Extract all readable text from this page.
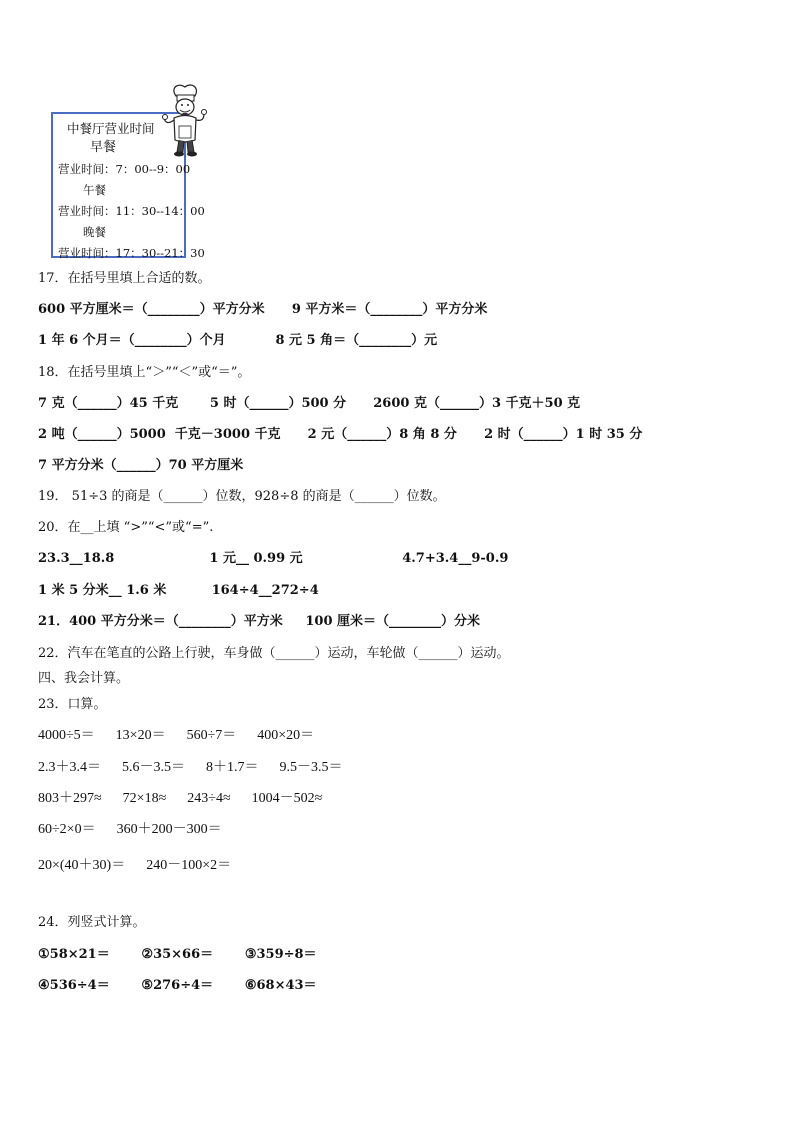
中餐厅营业时间
早餐
营业时间：7：00--9：00
午餐
营业时间：11：30--14：00
晚餐
营业时间：17：30--21：30
17．在括号里填上合适的数。
600 平方厘米＝（________）平方分米      9 平方米＝（________）平方分米
1 年 6 个月＝（________）个月           8 元 5 角＝（________）元
18．在括号里填上“＞”“＜”或“＝”。
7 克（______）45 千克       5 时（______）500 分      2600 克（______）3 千克＋50 克
2 吨（______）5000  千克－3000 千克      2 元（______）8 角 8 分      2 时（______）1 时 35 分
7 平方分米（______）70 平方厘米
19． 51÷3 的商是（______）位数，928÷8 的商是（______）位数。
20．在__上填 “>”“<”或“=”.
23.3__18.8                     1 元__ 0.99 元                      4.7+3.4__9-0.9
1 米 5 分米__ 1.6 米          164÷4__272÷4
21．400 平方分米＝（________）平方米     100 厘米＝（________）分米
22．汽车在笔直的公路上行驶，车身做（______）运动，车轮做（______）运动。
四、我会计算。
23．口算。
4000÷5＝      13×20＝      560÷7＝      400×20＝
2.3＋3.4＝      5.6－3.5＝      8＋1.7＝      9.5－3.5＝
803＋297≈      72×18≈      243÷4≈      1004－502≈
60÷2×0＝      360＋200－300＝
20×(40＋30)＝      240－100×2＝
24．列竖式计算。
①58×21＝       ②35×66＝       ③359÷8＝
④536÷4＝       ⑤276÷4＝       ⑥68×43＝
